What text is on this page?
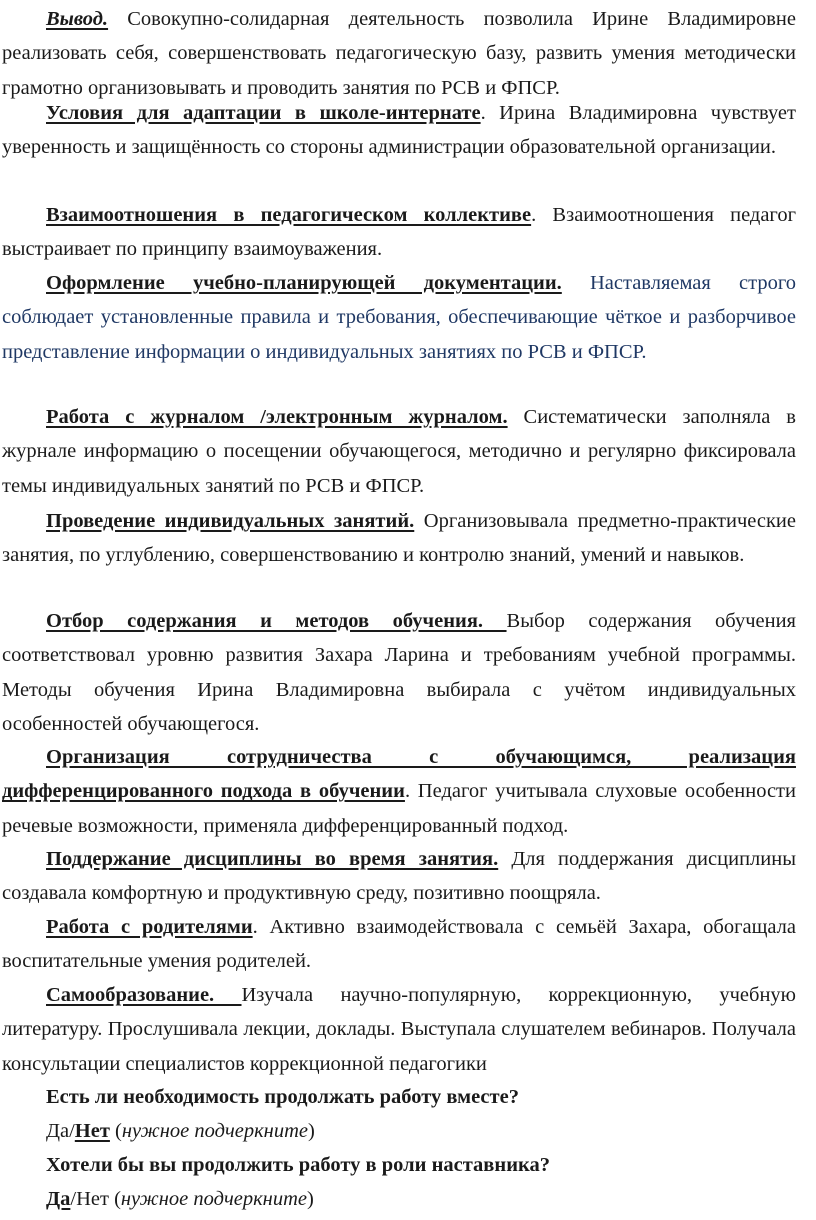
Вывод. Совокупно-солидарная деятельность позволила Ирине Владимировне реализовать себя, совершенствовать педагогическую базу, развить умения методически грамотно организовывать и проводить занятия по РСВ и ФПСР.

Условия для адаптации в школе-интернате. Ирина Владимировна чувствует уверенность и защищённость со стороны администрации образовательной организации.

Взаимоотношения в педагогическом коллективе. Взаимоотношения педагог выстраивает по принципу взаимоуважения.

Оформление учебно-планирующей документации. Наставляемая строго соблюдает установленные правила и требования, обеспечивающие чёткое и разборчивое представление информации о индивидуальных занятиях по РСВ и ФПСР.

Работа с журналом /электронным журналом. Систематически заполняла в журнале информацию о посещении обучающегося, методично и регулярно фиксировала темы индивидуальных занятий по РСВ и ФПСР.

Проведение индивидуальных занятий. Организовывала предметно-практические занятия, по углублению, совершенствованию и контролю знаний, умений и навыков.

Отбор содержания и методов обучения. Выбор содержания обучения соответствовал уровню развития Захара Ларина и требованиям учебной программы. Методы обучения Ирина Владимировна выбирала с учётом индивидуальных особенностей обучающегося.

Организация сотрудничества с обучающимся, реализация дифференцированного подхода в обучении. Педагог учитывала слуховые особенности речевые возможности, применяла дифференцированный подход.

Поддержание дисциплины во время занятия. Для поддержания дисциплины создавала комфортную и продуктивную среду, позитивно поощряла.

Работа с родителями. Активно взаимодействовала с семьёй Захара, обогащала воспитательные умения родителей.

Самообразование. Изучала научно-популярную, коррекционную, учебную литературу. Прослушивала лекции, доклады. Выступала слушателем вебинаров. Получала консультации специалистов коррекционной педагогики

Есть ли необходимость продолжать работу вместе?

Да/Нет (нужное подчеркните)

Хотели бы вы продолжить работу в роли наставника?

Да/Нет (нужное подчеркните)
